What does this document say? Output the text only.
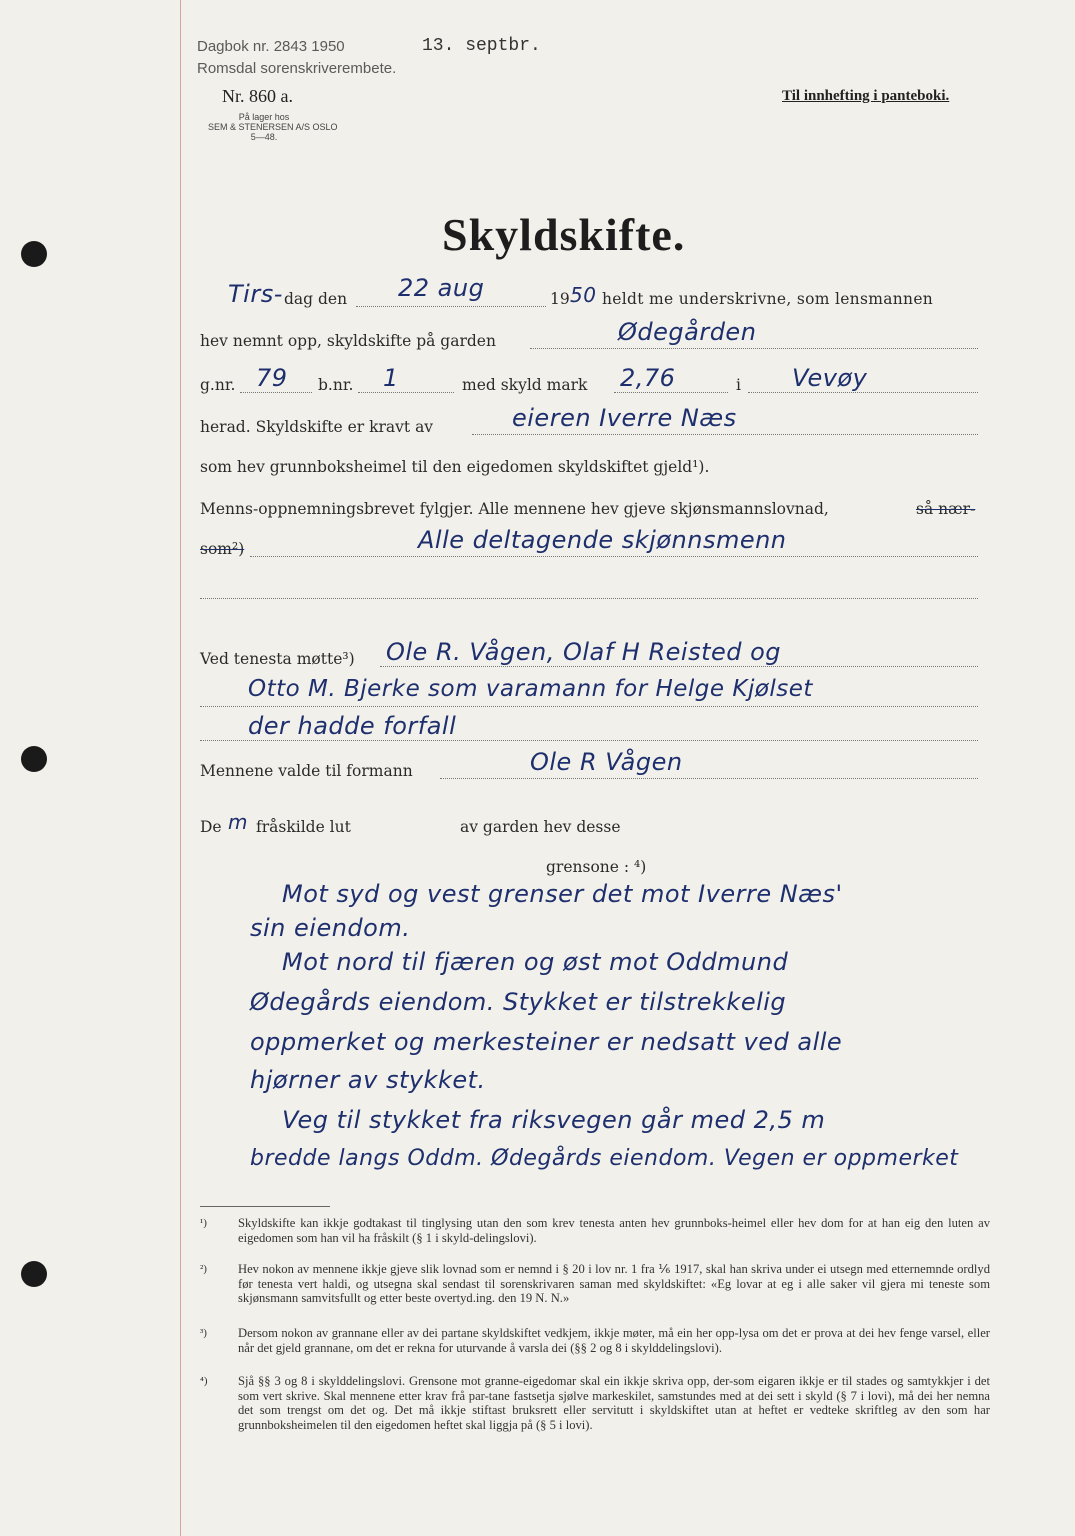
Dagbok nr. 2843 1950	13. septbr.
Romsdal sorenskriverembete.
Nr. 860 a.
På lager hos
SEM & STENERSEN A/S OSLO
5—48.
Til innhefting i panteboki.
Skyldskifte.
Tirs- dag den 22 aug	19 50 heldt me underskrivne, som lensmannen
hev nemnt opp, skyldskifte på garden	Ødegården
g.nr. 79 b.nr. 1	med skyld mark 2,76	i Vevøy
herad. Skyldskifte er kravt av	eieren Iverre Næs
som hev grunnboksheimel til den eigedomen skyldskiftet gjeld¹).
Menns-oppnemningsbrevet fylgjer. Alle mennene hev gjeve skjønsmannslovnad,	så nær-
som²)	Alle deltagende skjønnsmenn
Ved tenesta møtte³) Ole R. Vågen, Olaf H Reisted og
Otto M. Bjerke som varamann for Helge Kjølset
der hadde forfall
Mennene valde til formann	Ole R Vågen
De m fråskilde lut	av garden hev desse
grensone : ⁴)
Mot syd og vest grenser det mot Iverre Næs'
sin eiendom.
Mot nord til fjæren og øst mot Oddmund
Ødegårds eiendom. Stykket er tilstrekkelig
oppmerket og merkesteiner er nedsatt ved alle
hjørner av stykket.
Veg til stykket fra riksvegen går med 2,5 m
bredde langs Oddm. Ødegårds eiendom. Vegen er oppmerket
¹) Skyldskifte kan ikkje godtakast til tinglysing utan den som krev tenesta anten hev grunnboks-heimel eller hev dom for at han eig den luten av eigedomen som han vil ha fråskilt (§ 1 i skyld-delingslovi).
²) Hev nokon av mennene ikkje gjeve slik lovnad som er nemnd i § 20 i lov nr. 1 fra ⅙ 1917, skal han skriva under ei utsegn med etternemnde ordlyd før tenesta vert haldi, og utsegna skal sendast til sorenskrivaren saman med skyldskiftet: «Eg lovar at eg i alle saker vil gjera mi teneste som skjønsmann samvitsfullt og etter beste overtyd.ing. den 19 N. N.»
³) Dersom nokon av grannane eller av dei partane skyldskiftet vedkjem, ikkje møter, må ein her opp-lysa om det er prova at dei hev fenge varsel, eller når det gjeld grannane, om det er rekna for uturvande å varsla dei (§§ 2 og 8 i skylddelingslovi).
⁴) Sjå §§ 3 og 8 i skylddelingslovi. Grensone mot granne-eigedomar skal ein ikkje skriva opp, der-som eigaren ikkje er til stades og samtykkjer i det som vert skrive. Skal mennene etter krav frå par-tane fastsetja sjølve markeskilet, samstundes med at dei sett i skyld (§ 7 i lovi), må dei her nemna det som trengst om det og. Det må ikkje stiftast bruksrett eller servitutt i skyldskiftet utan at heftet er vedteke skriftleg av den som har grunnboksheimelen til den eigedomen heftet skal liggja på (§ 5 i lovi).
